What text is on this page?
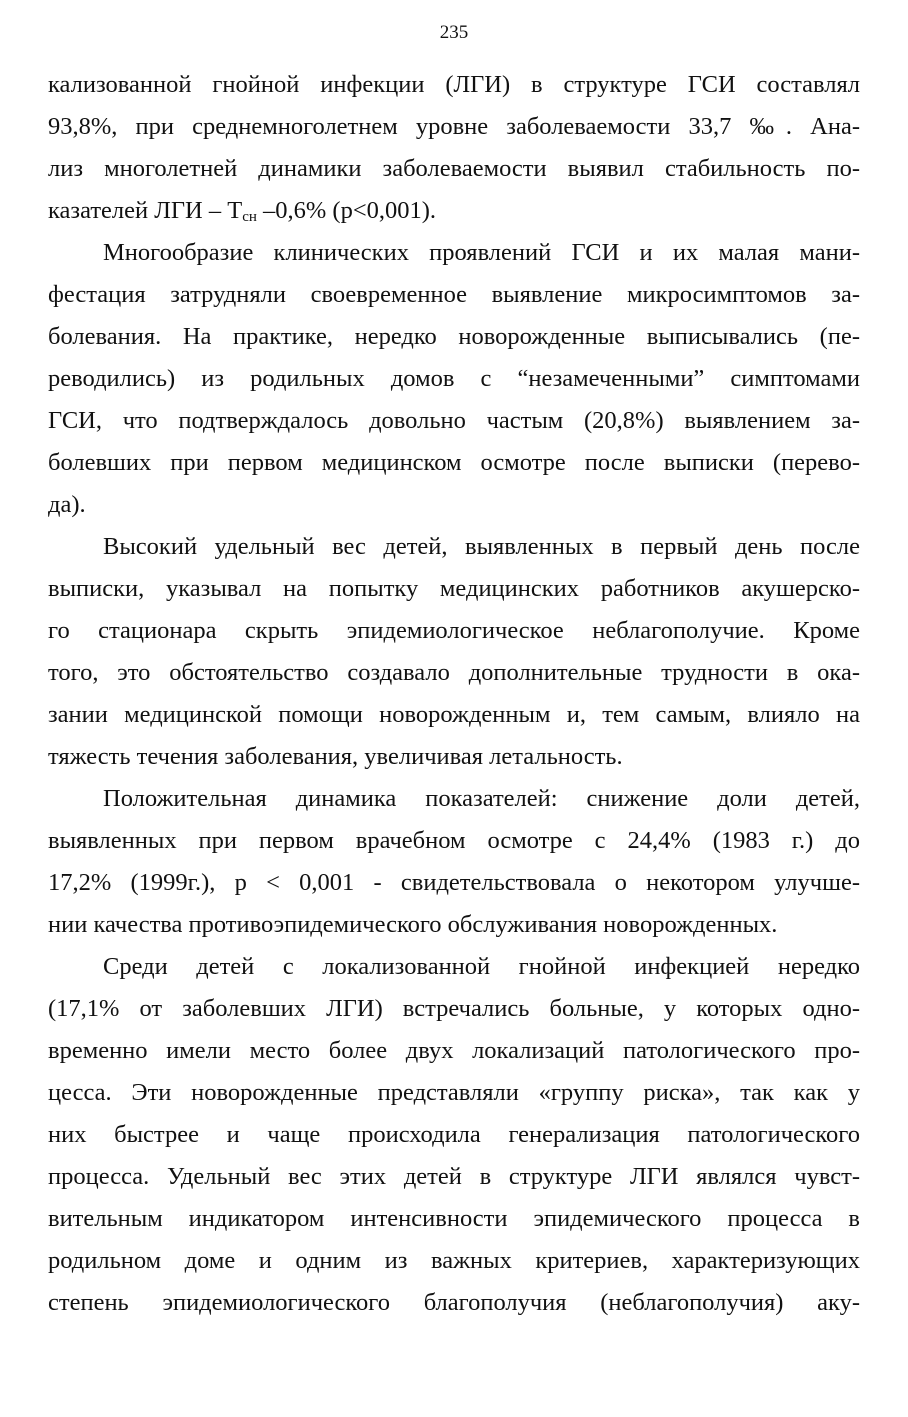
235
кализованной гнойной инфекции (ЛГИ) в структуре ГСИ составлял
93,8%, при среднемноголетнем уровне заболеваемости 33,7 ‰. Ана-
лиз многолетней динамики заболеваемости выявил стабильность по-
казателей ЛГИ – $Т_{сн}$ –0,6% (p<0,001).
Многообразие клинических проявлений ГСИ и их малая мани-
фестация затрудняли своевременное выявление микросимптомов за-
болевания. На практике, нередко новорожденные выписывались (пе-
реводились) из родильных домов с “незамеченными” симптомами
ГСИ, что подтверждалось довольно частым (20,8%) выявлением за-
болевших при первом медицинском осмотре после выписки (перево-
да).
Высокий удельный вес детей, выявленных в первый день после
выписки, указывал на попытку медицинских работников акушерско-
го стационара скрыть эпидемиологическое неблагополучие. Кроме
того, это обстоятельство создавало дополнительные трудности в ока-
зании медицинской помощи новорожденным и, тем самым, влияло на
тяжесть течения заболевания, увеличивая летальность.
Положительная динамика показателей: снижение доли детей,
выявленных при первом врачебном осмотре с 24,4% (1983 г.) до
17,2% (1999г.), р < 0,001 - свидетельствовала о некотором улучше-
нии качества противоэпидемического обслуживания новорожденных.
Среди детей с локализованной гнойной инфекцией нередко
(17,1% от заболевших ЛГИ) встречались больные, у которых одно-
временно имели место более двух локализаций патологического про-
цесса. Эти новорожденные представляли «группу риска», так как у
них быстрее и чаще происходила генерализация патологического
процесса. Удельный вес этих детей в структуре ЛГИ являлся чувст-
вительным индикатором интенсивности эпидемического процесса в
родильном доме и одним из важных критериев, характеризующих
степень эпидемиологического благополучия (неблагополучия) аку-
